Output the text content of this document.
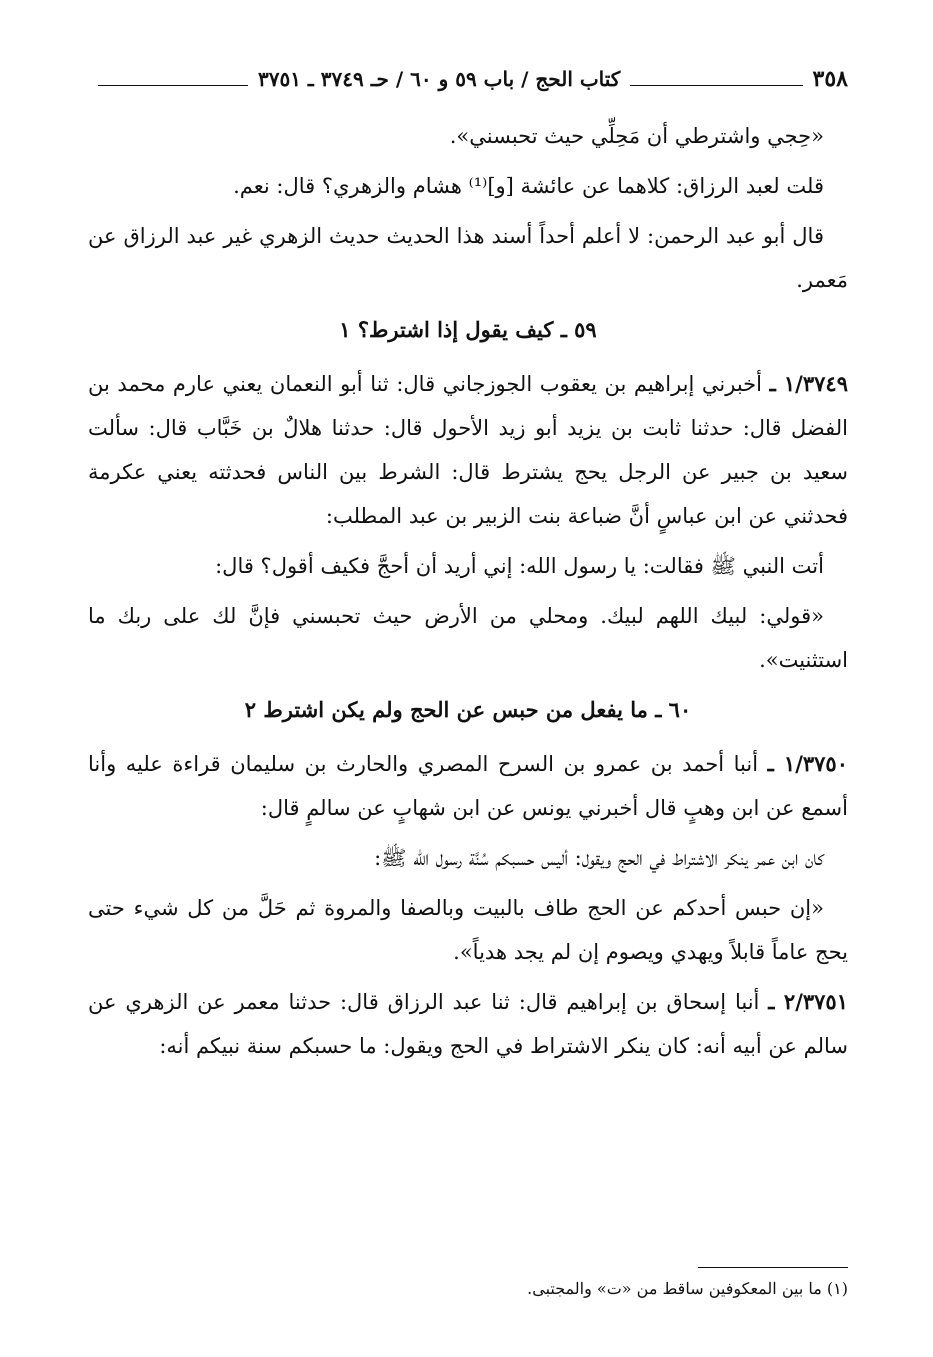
٣٥٨
كتاب الحج / باب ٥٩ و ٦٠ / حـ ٣٧٤٩ ـ ٣٧٥١

«حِجي واشترطي أن مَحِلِّي حيث تحبسني».

قلت لعبد الرزاق: كلاهما عن عائشة [و]⁽¹⁾ هشام والزهري؟ قال: نعم.

قال أبو عبد الرحمن: لا أعلم أحداً أسند هذا الحديث حديث الزهري غير عبد الرزاق عن مَعمر.

٥٩ ـ كيف يقول إذا اشترط؟ ١

١/٣٧٤٩ ـ أخبرني إبراهيم بن يعقوب الجوزجاني قال: ثنا أبو النعمان يعني عارم محمد بن الفضل قال: حدثنا ثابت بن يزيد أبو زيد الأحول قال: حدثنا هلالٌ بن خَبَّاب قال: سألت سعيد بن جبير عن الرجل يحج يشترط قال: الشرط بين الناس فحدثته يعني عكرمة فحدثني عن ابن عباسٍ أنَّ ضباعة بنت الزبير بن عبد المطلب:

أتت النبي ﷺ فقالت: يا رسول الله: إني أريد أن أحجَّ فكيف أقول؟ قال:

«قولي: لبيك اللهم لبيك. ومحلي من الأرض حيث تحبسني فإنَّ لك على ربك ما استثنيت».

٦٠ ـ ما يفعل من حبس عن الحج ولم يكن اشترط ٢

١/٣٧٥٠ ـ أنبا أحمد بن عمرو بن السرح المصري والحارث بن سليمان قراءة عليه وأنا أسمع عن ابن وهبٍ قال أخبرني يونس عن ابن شهابٍ عن سالمٍ قال:

كان ابن عمر ينكر الاشتراط في الحج ويقول: أليس حسبكم سُنَّة رسول الله ﷺ:

«إن حبس أحدكم عن الحج طاف بالبيت وبالصفا والمروة ثم حَلَّ من كل شيء حتى يحج عاماً قابلاً ويهدي ويصوم إن لم يجد هدياً».

٢/٣٧٥١ ـ أنبا إسحاق بن إبراهيم قال: ثنا عبد الرزاق قال: حدثنا معمر عن الزهري عن سالم عن أبيه أنه: كان ينكر الاشتراط في الحج ويقول: ما حسبكم سنة نبيكم أنه:

(١) ما بين المعكوفين ساقط من «ت» والمجتبى.
